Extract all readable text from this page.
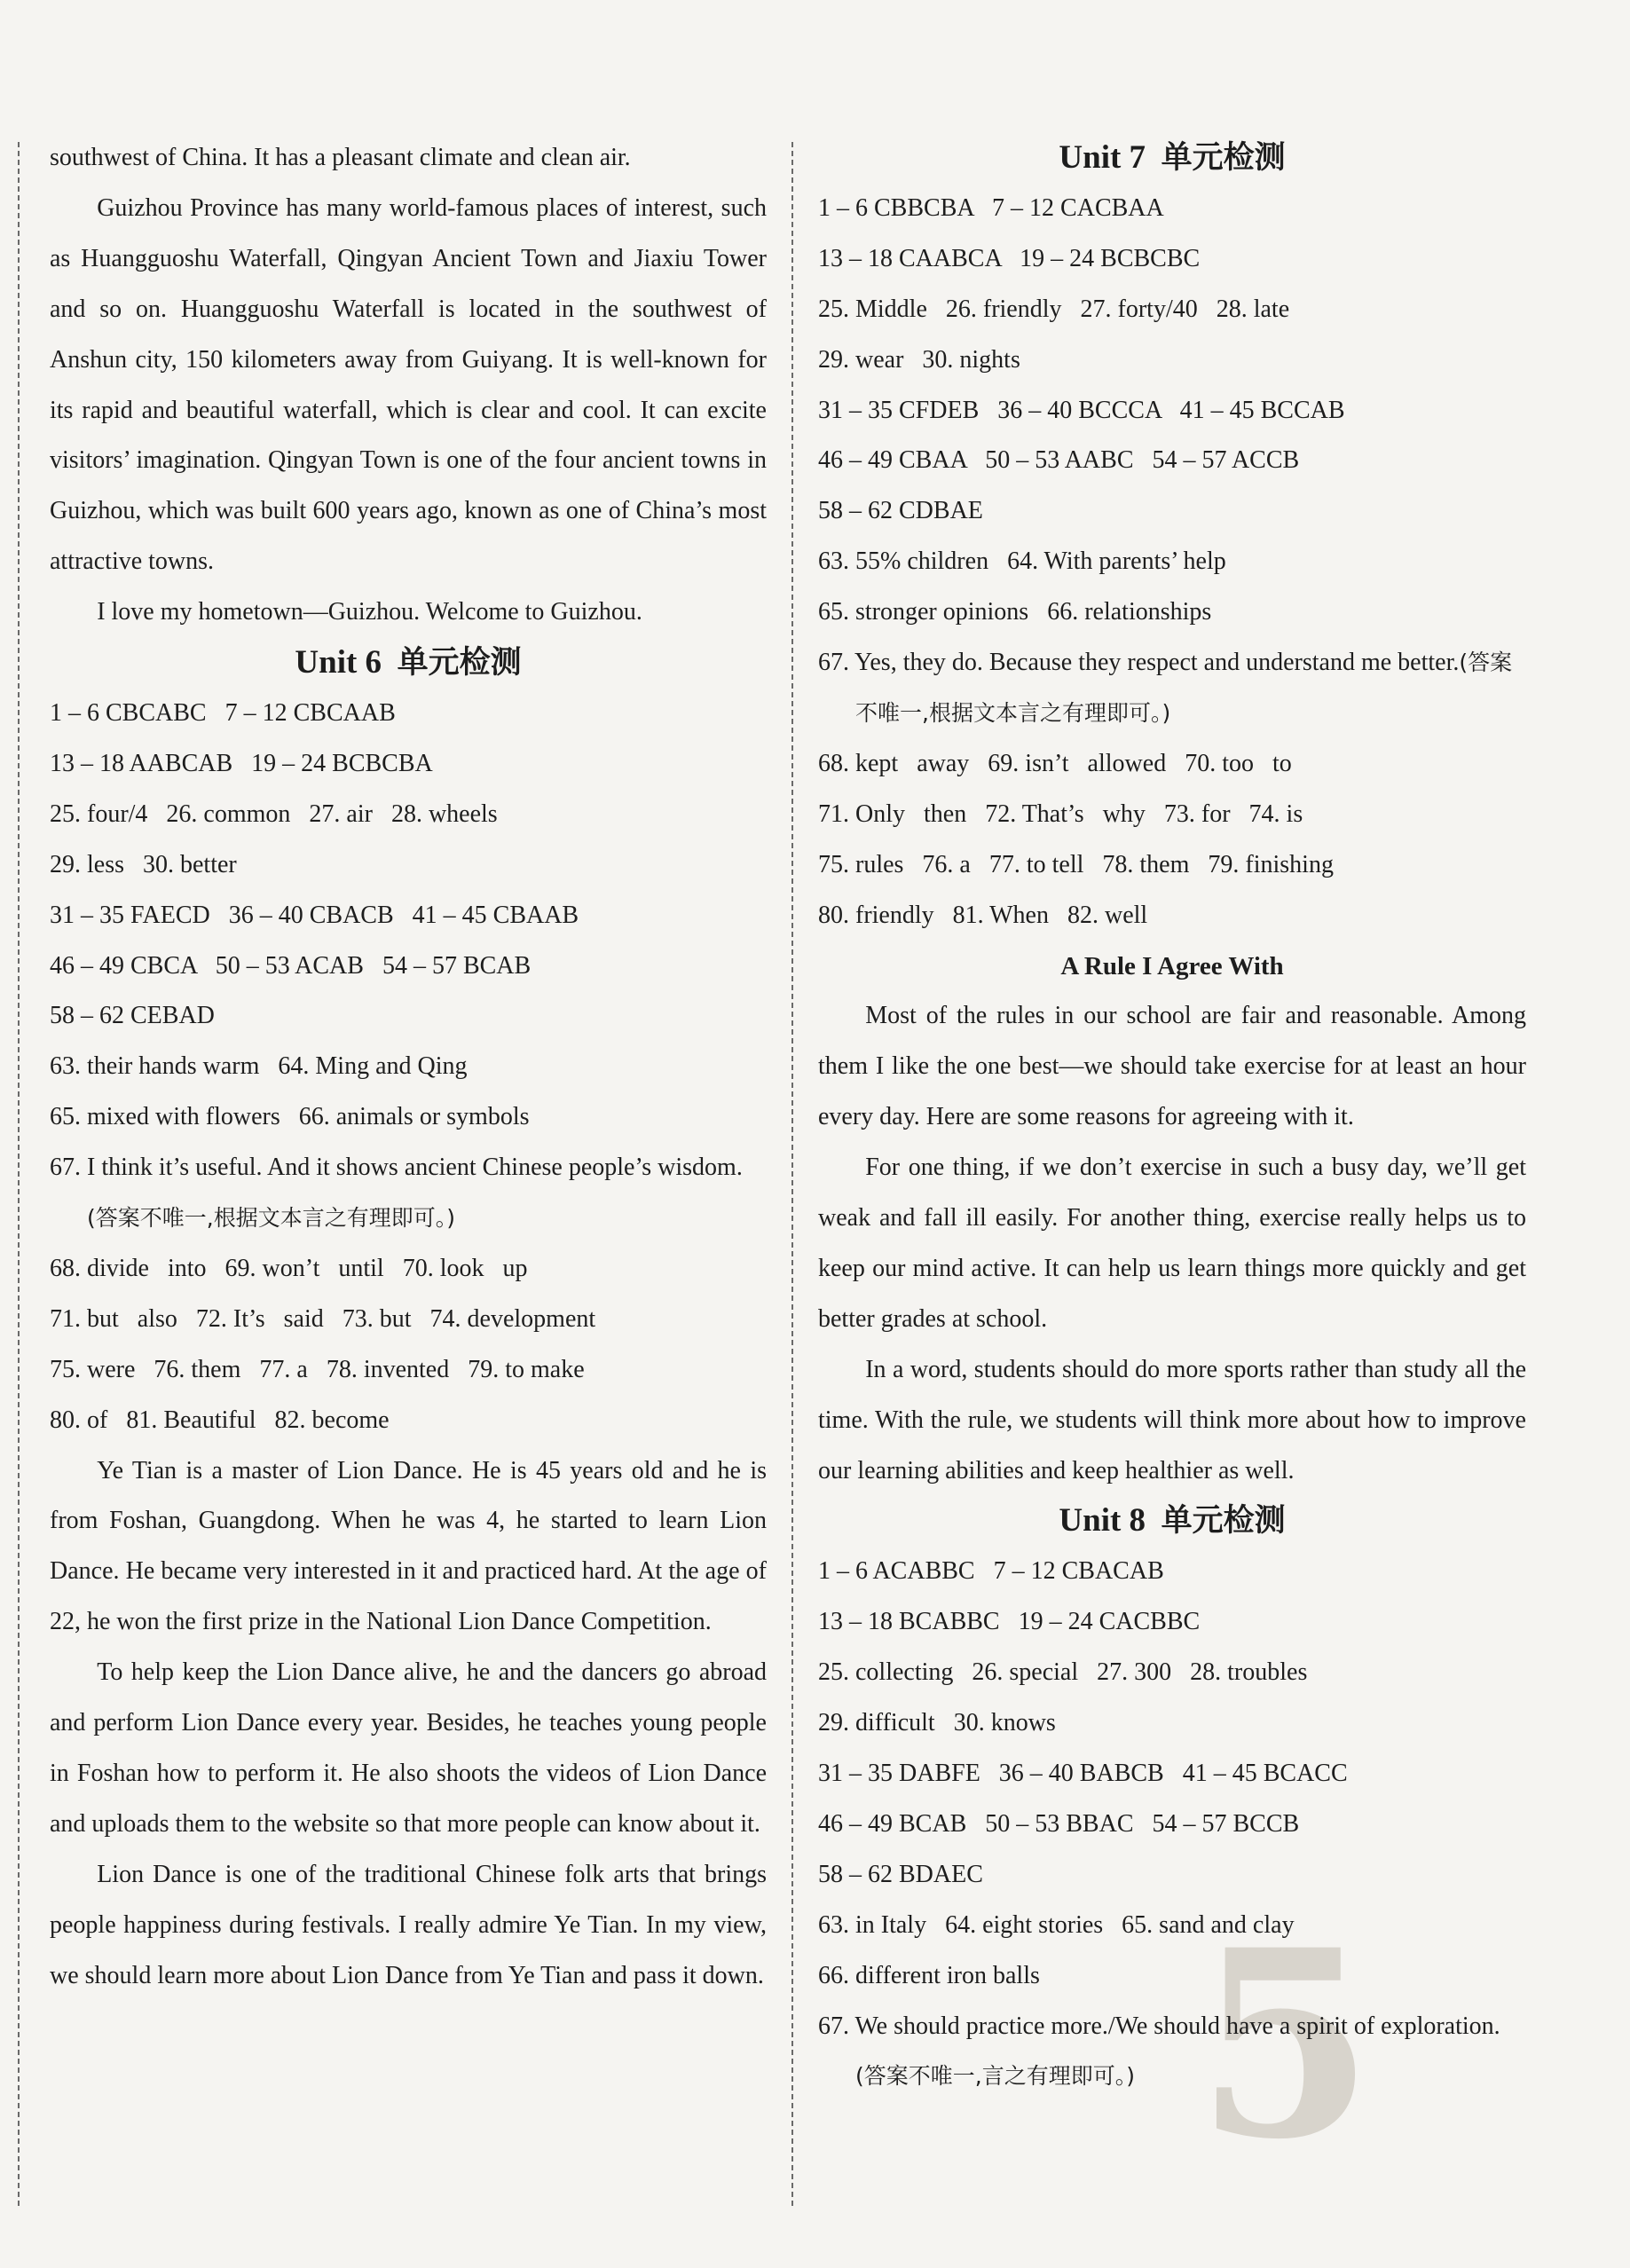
5

southwest of China. It has a pleasant climate and clean air.

Guizhou Province has many world-famous places of interest, such as Huangguoshu Waterfall, Qingyan Ancient Town and Jiaxiu Tower and so on. Huangguoshu Waterfall is located in the southwest of Anshun city, 150 kilometers away from Guiyang. It is well-known for its rapid and beautiful waterfall, which is clear and cool. It can excite visitors’ imagination. Qingyan Town is one of the four ancient towns in Guizhou, which was built 600 years ago, known as one of China’s most attractive towns.

I love my hometown—Guizhou. Welcome to Guizhou.

Unit 6 单元检测

1 – 6 CBCABC   7 – 12 CBCAAB

13 – 18 AABCAB   19 – 24 BCBCBA

25. four/4   26. common   27. air   28. wheels

29. less   30. better

31 – 35 FAECD   36 – 40 CBACB   41 – 45 CBAAB

46 – 49 CBCA   50 – 53 ACAB   54 – 57 BCAB

58 – 62 CEBAD

63. their hands warm   64. Ming and Qing

65. mixed with flowers   66. animals or symbols

67. I think it’s useful. And it shows ancient Chinese people’s wisdom.(答案不唯一,根据文本言之有理即可。)

68. divide   into   69. won’t   until   70. look   up

71. but   also   72. It’s   said   73. but   74. development

75. were   76. them   77. a   78. invented   79. to make

80. of   81. Beautiful   82. become

Ye Tian is a master of Lion Dance. He is 45 years old and he is from Foshan, Guangdong. When he was 4, he started to learn Lion Dance. He became very interested in it and practiced hard. At the age of 22, he won the first prize in the National Lion Dance Competition.

To help keep the Lion Dance alive, he and the dancers go abroad and perform Lion Dance every year. Besides, he teaches young people in Foshan how to perform it. He also shoots the videos of Lion Dance and uploads them to the website so that more people can know about it.

Lion Dance is one of the traditional Chinese folk arts that brings people happiness during festivals. I really admire Ye Tian. In my view, we should learn more about Lion Dance from Ye Tian and pass it down.

Unit 7 单元检测

1 – 6 CBBCBA   7 – 12 CACBAA

13 – 18 CAABCA   19 – 24 BCBCBC

25. Middle   26. friendly   27. forty/40   28. late

29. wear   30. nights

31 – 35 CFDEB   36 – 40 BCCCA   41 – 45 BCCAB

46 – 49 CBAA   50 – 53 AABC   54 – 57 ACCB

58 – 62 CDBAE

63. 55% children   64. With parents’ help

65. stronger opinions   66. relationships

67. Yes, they do. Because they respect and understand me better.(答案不唯一,根据文本言之有理即可。)

68. kept   away   69. isn’t   allowed   70. too   to

71. Only   then   72. That’s   why   73. for   74. is

75. rules   76. a   77. to tell   78. them   79. finishing

80. friendly   81. When   82. well

A Rule I Agree With

Most of the rules in our school are fair and reasonable. Among them I like the one best—we should take exercise for at least an hour every day. Here are some reasons for agreeing with it.

For one thing, if we don’t exercise in such a busy day, we’ll get weak and fall ill easily. For another thing, exercise really helps us to keep our mind active. It can help us learn things more quickly and get better grades at school.

In a word, students should do more sports rather than study all the time. With the rule, we students will think more about how to improve our learning abilities and keep healthier as well.

Unit 8 单元检测

1 – 6 ACABBC   7 – 12 CBACAB

13 – 18 BCABBC   19 – 24 CACBBC

25. collecting   26. special   27. 300   28. troubles

29. difficult   30. knows

31 – 35 DABFE   36 – 40 BABCB   41 – 45 BCACC

46 – 49 BCAB   50 – 53 BBAC   54 – 57 BCCB

58 – 62 BDAEC

63. in Italy   64. eight stories   65. sand and clay

66. different iron balls

67. We should practice more./We should have a spirit of exploration.(答案不唯一,言之有理即可。)
